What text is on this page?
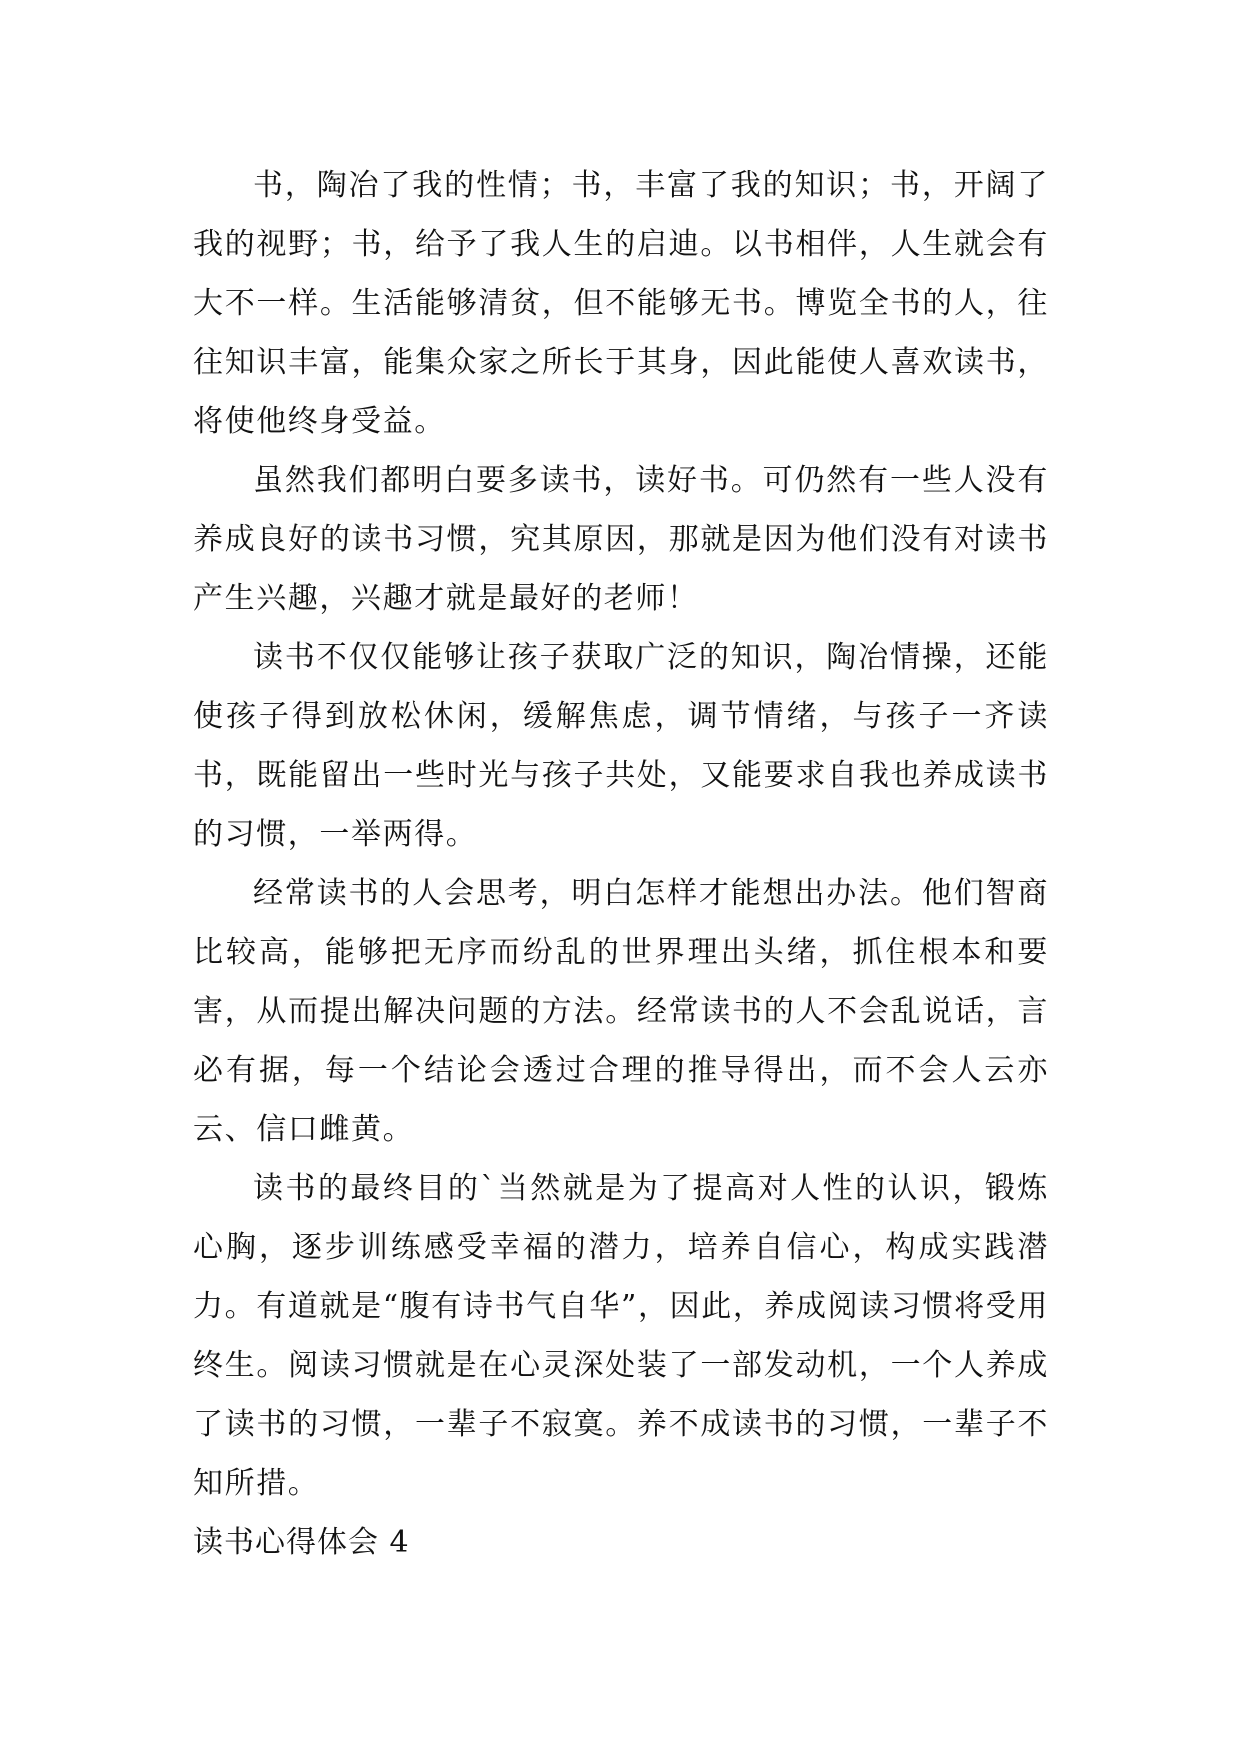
书，陶冶了我的性情；书，丰富了我的知识；书，开阔了我的视野；书，给予了我人生的启迪。以书相伴，人生就会有大不一样。生活能够清贫，但不能够无书。博览全书的人，往往知识丰富，能集众家之所长于其身，因此能使人喜欢读书，将使他终身受益。

虽然我们都明白要多读书，读好书。可仍然有一些人没有养成良好的读书习惯，究其原因，那就是因为他们没有对读书产生兴趣，兴趣才就是最好的老师！

读书不仅仅能够让孩子获取广泛的知识，陶冶情操，还能使孩子得到放松休闲，缓解焦虑，调节情绪，与孩子一齐读书，既能留出一些时光与孩子共处，又能要求自我也养成读书的习惯，一举两得。

经常读书的人会思考，明白怎样才能想出办法。他们智商比较高，能够把无序而纷乱的世界理出头绪，抓住根本和要害，从而提出解决问题的方法。经常读书的人不会乱说话，言必有据，每一个结论会透过合理的推导得出，而不会人云亦云、信口雌黄。

读书的最终目的`当然就是为了提高对人性的认识，锻炼心胸，逐步训练感受幸福的潜力，培养自信心，构成实践潜力。有道就是“腹有诗书气自华”，因此，养成阅读习惯将受用终生。阅读习惯就是在心灵深处装了一部发动机，一个人养成了读书的习惯，一辈子不寂寞。养不成读书的习惯，一辈子不知所措。

读书心得体会 4
